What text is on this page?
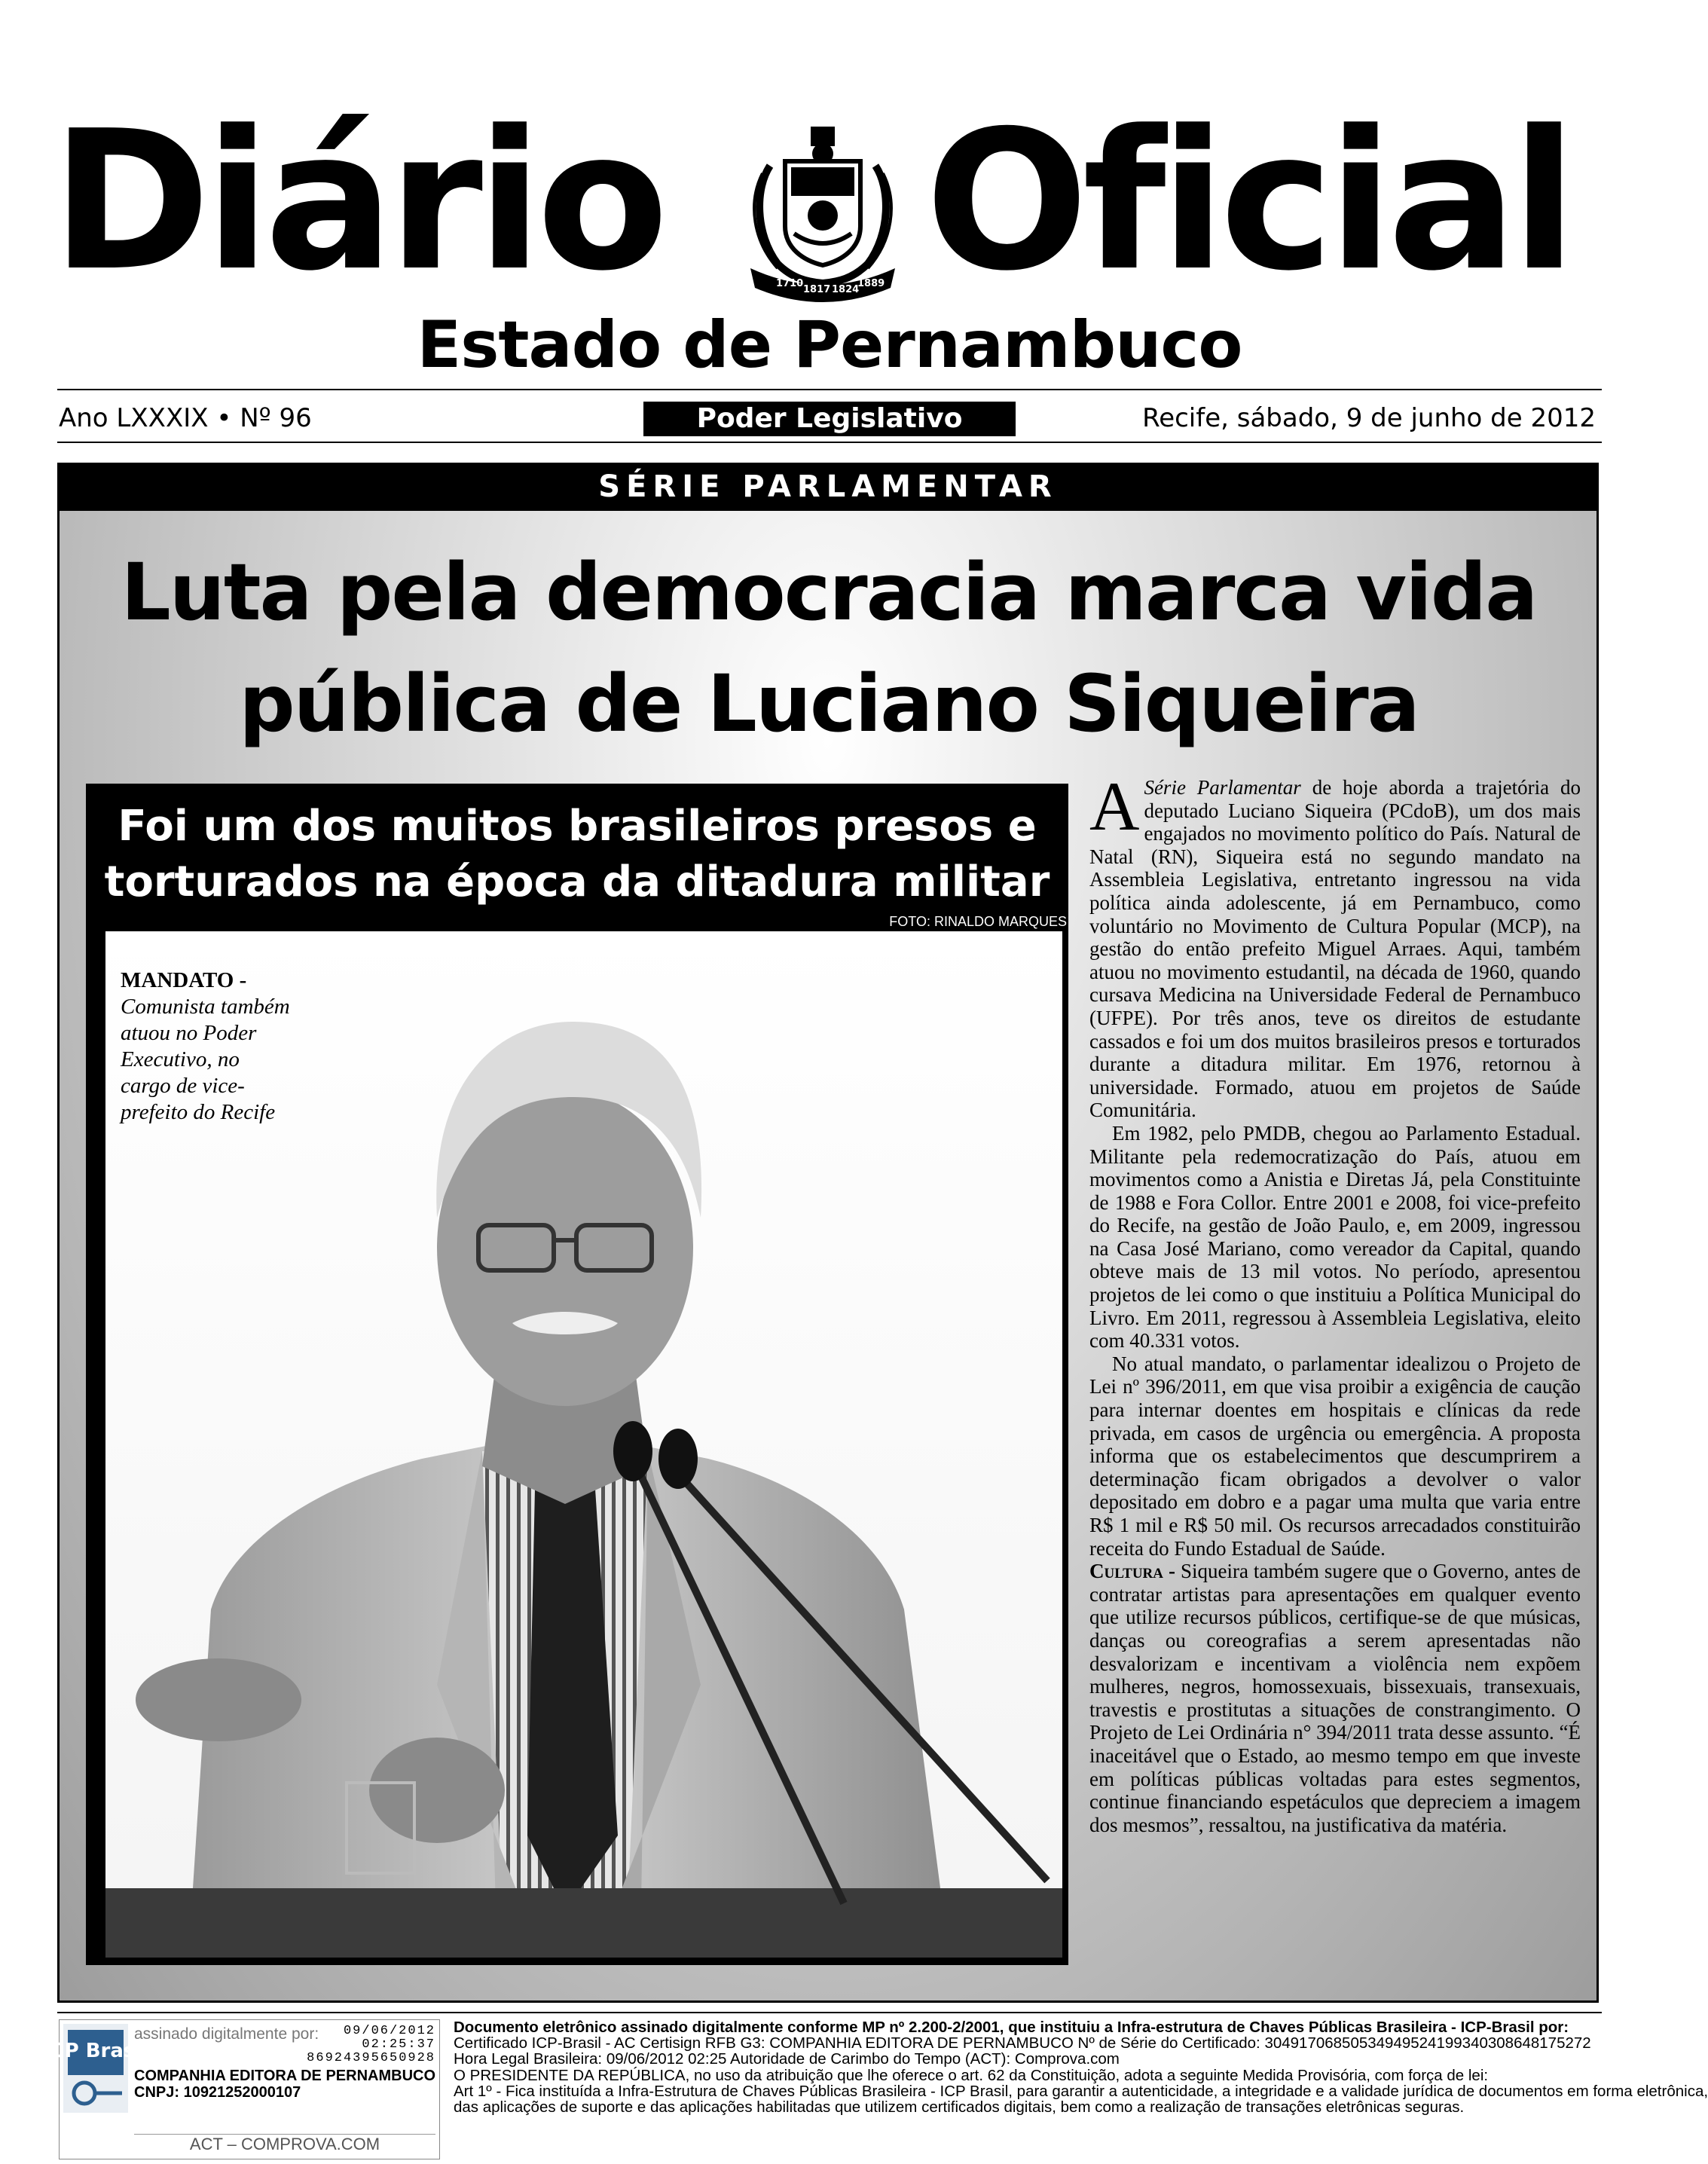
Diário	1710
1817 1824
1889 Oficial
Estado de Pernambuco
Ano LXXXIX • Nº 96	Poder Legislativo	Recife, sábado, 9 de junho de 2012
SÉRIE PARLAMENTAR
Luta pela democracia marca vida
pública de Luciano Siqueira
Foi um dos muitos brasileiros presos e
torturados na época da ditadura militar
FOTO: RINALDO MARQUES
MANDATO -
Comunista também atuou no Poder Executivo, no cargo de vice-prefeito do Recife

A Série Parlamentar de hoje aborda a trajetória do deputado Luciano Siqueira (PCdoB), um dos mais engajados no movimento político do País. Natural de Natal (RN), Siqueira está no segundo mandato na Assembleia Legislativa, entretanto ingressou na vida política ainda adolescente, já em Pernambuco, como voluntário no Movimento de Cultura Popular (MCP), na gestão do então prefeito Miguel Arraes. Aqui, também atuou no movimento estudantil, na década de 1960, quando cursava Medicina na Universidade Federal de Pernambuco (UFPE). Por três anos, teve os direitos de estudante cassados e foi um dos muitos brasileiros presos e torturados durante a ditadura militar. Em 1976, retornou à universidade. Formado, atuou em projetos de Saúde Comunitária.

Em 1982, pelo PMDB, chegou ao Parlamento Estadual. Militante pela redemocratização do País, atuou em movimentos como a Anistia e Diretas Já, pela Constituinte de 1988 e Fora Collor. Entre 2001 e 2008, foi vice-prefeito do Recife, na gestão de João Paulo, e, em 2009, ingressou na Casa José Mariano, como vereador da Capital, quando obteve mais de 13 mil votos. No período, apresentou projetos de lei como o que instituiu a Política Municipal do Livro. Em 2011, regressou à Assembleia Legislativa, eleito com 40.331 votos.

No atual mandato, o parlamentar idealizou o Projeto de Lei nº 396/2011, em que visa proibir a exigência de caução para internar doentes em hospitais e clínicas da rede privada, em casos de urgência ou emergência. A proposta informa que os estabelecimentos que descumprirem a determinação ficam obrigados a devolver o valor depositado em dobro e a pagar uma multa que varia entre R$ 1 mil e R$ 50 mil. Os recursos arrecadados constituirão receita do Fundo Estadual de Saúde.

Cultura - Siqueira também sugere que o Governo, antes de contratar artistas para apresentações em qualquer evento que utilize recursos públicos, certifique-se de que músicas, danças ou coreografias a serem apresentadas não desvalorizam e incentivam a violência nem expõem mulheres, negros, homossexuais, bissexuais, transexuais, travestis e prostitutas a situações de constrangimento. O Projeto de Lei Ordinária n° 394/2011 trata desse assunto. “É inaceitável que o Estado, ao mesmo tempo em que investe em políticas públicas voltadas para estes segmentos, continue financiando espetáculos que depreciem a imagem dos mesmos”, ressaltou, na justificativa da matéria.

ICP Brasil
assinado digitalmente por: 09/06/2012
02:25:37
86924395650928
COMPANHIA EDITORA DE PERNAMBUCO
CNPJ: 10921252000107
ACT – COMPROVA.COM
Documento eletrônico assinado digitalmente conforme MP nº 2.200-2/2001, que instituiu a Infra-estrutura de Chaves Públicas Brasileira - ICP-Brasil por:
Certificado ICP-Brasil - AC Certisign RFB G3: COMPANHIA EDITORA DE PERNAMBUCO Nº de Série do Certificado: 30491706850534949524199340308648175272
Hora Legal Brasileira: 09/06/2012 02:25 Autoridade de Carimbo do Tempo (ACT): Comprova.com
O PRESIDENTE DA REPÚBLICA, no uso da atribuição que lhe oferece o art. 62 da Constituição, adota a seguinte Medida Provisória, com força de lei:
Art 1º - Fica instituída a Infra-Estrutura de Chaves Públicas Brasileira - ICP Brasil, para garantir a autenticidade, a integridade e a validade jurídica de documentos em forma eletrônica,
das aplicações de suporte e das aplicações habilitadas que utilizem certificados digitais, bem como a realização de transações eletrônicas seguras.
